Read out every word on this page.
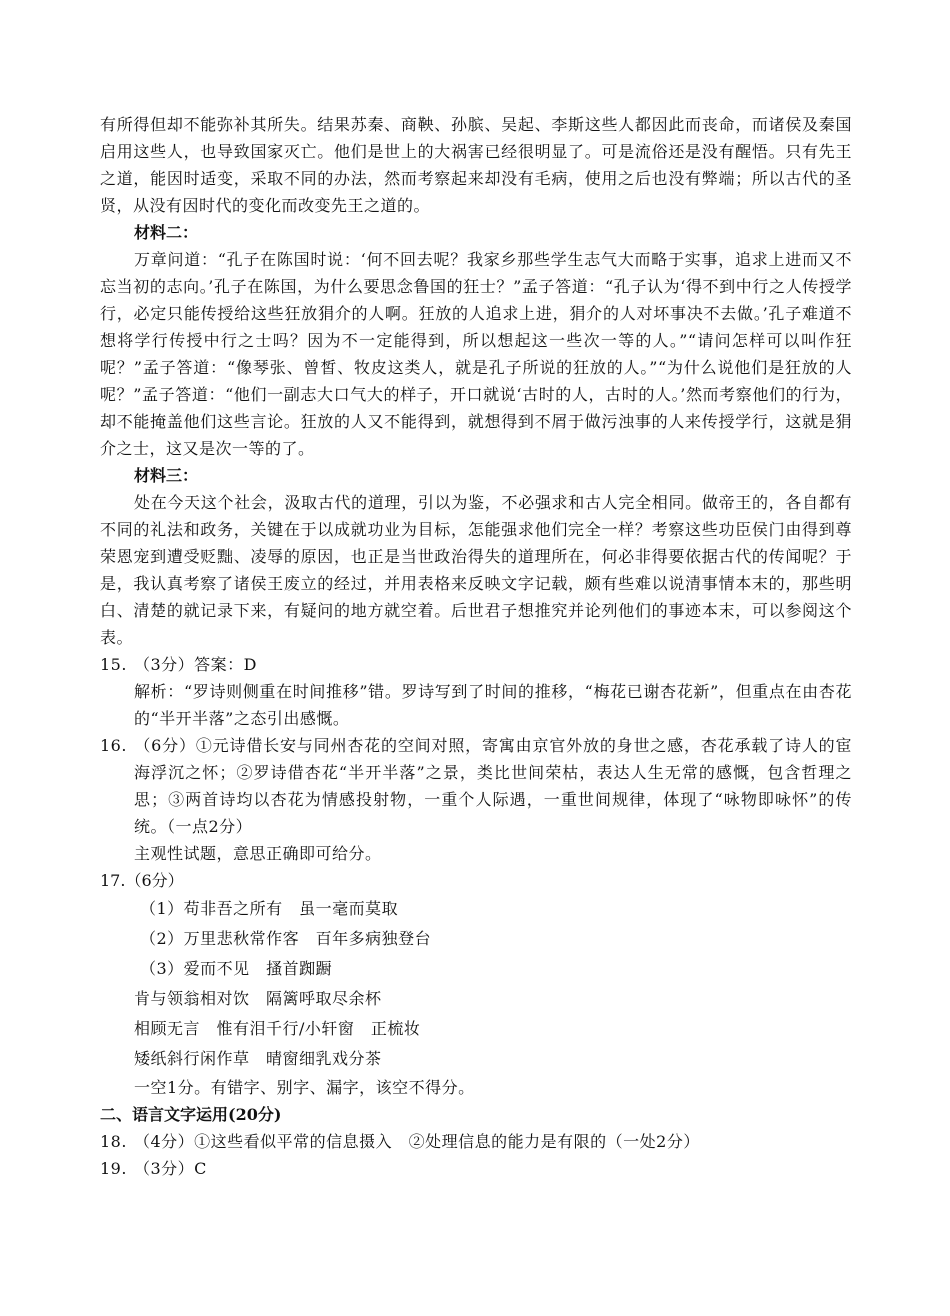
有所得但却不能弥补其所失。结果苏秦、商鞅、孙膑、吴起、李斯这些人都因此而丧命，而诸侯及秦国启用这些人，也导致国家灭亡。他们是世上的大祸害已经很明显了。可是流俗还是没有醒悟。只有先王之道，能因时适变，采取不同的办法，然而考察起来却没有毛病，使用之后也没有弊端；所以古代的圣贤，从没有因时代的变化而改变先王之道的。

材料二：

万章问道：“孔子在陈国时说：‘何不回去呢？我家乡那些学生志气大而略于实事，追求上进而又不忘当初的志向。’孔子在陈国，为什么要思念鲁国的狂士？”孟子答道：“孔子认为‘得不到中行之人传授学行，必定只能传授给这些狂放狷介的人啊。狂放的人追求上进，狷介的人对坏事决不去做。’孔子难道不想将学行传授中行之士吗？因为不一定能得到，所以想起这一些次一等的人。”“请问怎样可以叫作狂呢？”孟子答道：“像琴张、曾皙、牧皮这类人，就是孔子所说的狂放的人。”“为什么说他们是狂放的人呢？”孟子答道：“他们一副志大口气大的样子，开口就说‘古时的人，古时的人。’然而考察他们的行为，却不能掩盖他们这些言论。狂放的人又不能得到，就想得到不屑于做污浊事的人来传授学行，这就是狷介之士，这又是次一等的了。

材料三：

处在今天这个社会，汲取古代的道理，引以为鉴，不必强求和古人完全相同。做帝王的，各自都有不同的礼法和政务，关键在于以成就功业为目标，怎能强求他们完全一样？考察这些功臣侯门由得到尊荣恩宠到遭受贬黜、凌辱的原因，也正是当世政治得失的道理所在，何必非得要依据古代的传闻呢？于是，我认真考察了诸侯王废立的经过，并用表格来反映文字记载，颇有些难以说清事情本末的，那些明白、清楚的就记录下来，有疑问的地方就空着。后世君子想推究并论列他们的事迹本末，可以参阅这个表。

15. （3分）答案：D

解析：“罗诗则侧重在时间推移”错。罗诗写到了时间的推移，“梅花已谢杏花新”，但重点在由杏花的“半开半落”之态引出感慨。

16. （6分）①元诗借长安与同州杏花的空间对照，寄寓由京官外放的身世之感，杏花承载了诗人的宦海浮沉之怀；②罗诗借杏花“半开半落”之景，类比世间荣枯，表达人生无常的感慨，包含哲理之思；③两首诗均以杏花为情感投射物，一重个人际遇，一重世间规律，体现了“咏物即咏怀”的传统。（一点2分）

主观性试题，意思正确即可给分。

17.（6分）

（1）苟非吾之所有　虽一毫而莫取

（2）万里悲秋常作客　百年多病独登台

（3）爱而不见　搔首踟蹰

肯与领翁相对饮　隔篱呼取尽余杯

相顾无言　惟有泪千行/小轩窗　正梳妆

矮纸斜行闲作草　晴窗细乳戏分茶

一空1分。有错字、别字、漏字，该空不得分。

二、语言文字运用(20分)

18. （4分）①这些看似平常的信息摄入　②处理信息的能力是有限的（一处2分）

19. （3分）C
